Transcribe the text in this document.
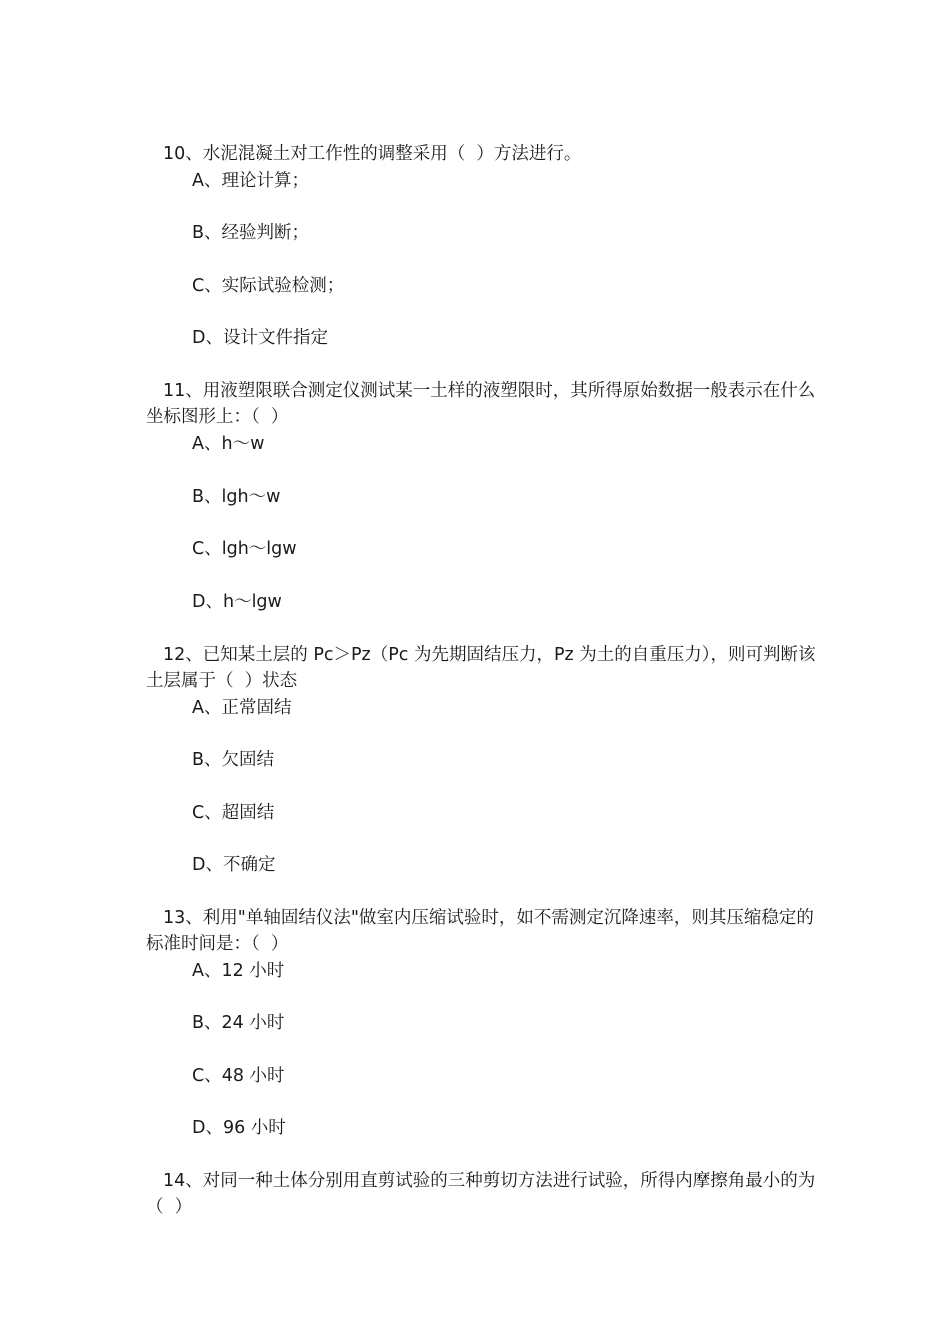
10、水泥混凝土对工作性的调整采用（  ）方法进行。

A、理论计算；

B、经验判断；

C、实际试验检测；

D、设计文件指定

11、用液塑限联合测定仪测试某一土样的液塑限时，其所得原始数据一般表示在什么坐标图形上：（  ）

A、h～w

B、lgh～w

C、lgh～lgw

D、h～lgw

12、已知某土层的 Pc＞Pz（Pc 为先期固结压力，Pz 为土的自重压力），则可判断该土层属于（  ）状态

A、正常固结

B、欠固结

C、超固结

D、不确定

13、利用"单轴固结仪法"做室内压缩试验时，如不需测定沉降速率，则其压缩稳定的标准时间是：（  ）

A、12 小时

B、24 小时

C、48 小时

D、96 小时

14、对同一种土体分别用直剪试验的三种剪切方法进行试验，所得内摩擦角最小的为（  ）
